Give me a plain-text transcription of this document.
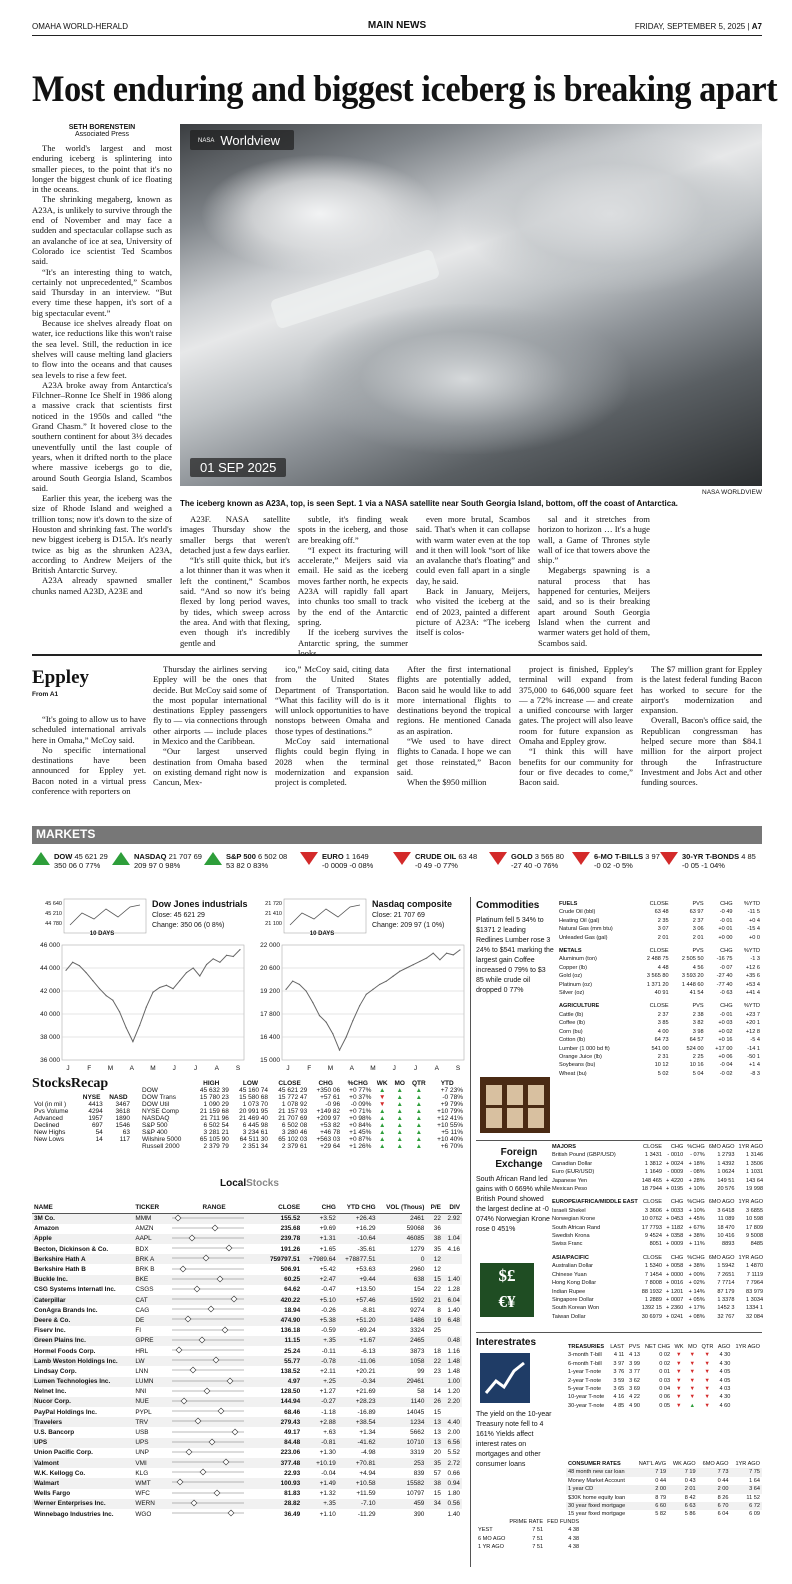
OMAHA WORLD-HERALD	MAIN NEWS	FRIDAY, SEPTEMBER 5, 2025 | A7
Most enduring and biggest iceberg is breaking apart
SETH BORENSTEIN
Associated Press

The world's largest and most enduring iceberg is splintering into smaller pieces, to the point that it's no longer the biggest chunk of ice floating in the oceans.

The shrinking megaberg, known as A23A, is unlikely to survive through the end of November and may face a sudden and spectacular collapse such as an avalanche of ice at sea, University of Colorado ice scientist Ted Scambos said.

“It's an interesting thing to watch, certainly not unprecedented,” Scambos said Thursday in an interview. “But every time these happen, it's sort of a big spectacular event.”

Because ice shelves already float on water, ice reductions like this won't raise the sea level. Still, the reduction in ice shelves will cause melting land glaciers to flow into the oceans and that causes sea levels to rise a few feet.

A23A broke away from Antarctica's Filchner–Ronne Ice Shelf in 1986 along a massive crack that scientists first noticed in the 1950s and called “the Grand Chasm.” It hovered close to the southern continent for about 3½ decades uneventfully until the last couple of years, when it drifted north to the place where massive icebergs go to die, around South Georgia Island, Scambos said.

Earlier this year, the iceberg was the size of Rhode Island and weighed a trillion tons; now it's down to the size of Houston and shrinking fast. The world's new biggest iceberg is D15A. It's nearly twice as big as the shrunken A23A, according to Andrew Meijers of the British Antarctic Survey.

A23A already spawned smaller chunks named A23D, A23E and

NASA Worldview
01 SEP 2025
NASA WORLDVIEW
The iceberg known as A23A, top, is seen Sept. 1 via a NASA satellite near South Georgia Island, bottom, off the coast of Antarctica.

A23F. NASA satellite images Thursday show the smaller bergs that weren't detached just a few days earlier.

“It's still quite thick, but it's a lot thinner than it was when it left the continent,” Scambos said. “And so now it's being flexed by long period waves, by tides, which sweep across the area. And with that flexing, even though it's incredibly gentle and

subtle, it's finding weak spots in the iceberg, and those are breaking off.”

“I expect its fracturing will accelerate,” Meijers said via email. He said as the iceberg moves farther north, he expects A23A will rapidly fall apart into chunks too small to track by the end of the Antarctic spring.

If the iceberg survives the Antarctic spring, the summer looks

even more brutal, Scambos said. That's when it can collapse with warm water even at the top and it then will look “sort of like an avalanche that's floating” and could even fall apart in a single day, he said.

Back in January, Meijers, who visited the iceberg at the end of 2023, painted a different picture of A23A: “The iceberg itself is colos-

sal and it stretches from horizon to horizon … It's a huge wall, a Game of Thrones style wall of ice that towers above the ship.”

Megabergs spawning is a natural process that has happened for centuries, Meijers said, and so is their breaking apart around South Georgia Island when the current and warmer waters get hold of them, Scambos said.

Eppley
From A1

“It's going to allow us to have scheduled international arrivals here in Omaha,” McCoy said.

No specific international destinations have been announced for Eppley yet. Bacon noted in a virtual press conference with reporters on

Thursday the airlines serving Eppley will be the ones that decide. But McCoy said some of the most popular international destinations Eppley passengers fly to — via connections through other airports — include places in Mexico and the Caribbean.

“Our largest unserved destination from Omaha based on existing demand right now is Cancun, Mex-

ico,” McCoy said, citing data from the United States Department of Transportation. “What this facility will do is it will unlock opportunities to have nonstops between Omaha and those types of destinations.”

McCoy said international flights could begin flying in 2028 when the terminal modernization and expansion project is completed.

After the first international flights are potentially added, Bacon said he would like to add more international flights to destinations beyond the tropical regions. He mentioned Canada as an aspiration.

“We used to have direct flights to Canada. I hope we can get those reinstated,” Bacon said.

When the $950 million

project is finished, Eppley's terminal will expand from 375,000 to 646,000 square feet — a 72% increase — and create a unified concourse with larger gates. The project will also leave room for future expansion as Omaha and Eppley grow.

“I think this will have benefits for our community for four or five decades to come,” Bacon said.

The $7 million grant for Eppley is the latest federal funding Bacon has worked to secure for the airport's modernization and expansion.

Overall, Bacon's office said, the Republican congressman has helped secure more than $84.1 million for the airport project through the Infrastructure Investment and Jobs Act and other funding sources.

MARKETS
DOW 45 621 29
350 06 0 77%
NASDAQ 21 707 69
209 97 0 98%
S&P 500 6 502 08
53 82 0 83%
EURO 1 1649
-0 0009 -0 08%
CRUDE OIL 63 48
-0 49 -0 77%
GOLD 3 565 80
-27 40 -0 76%
6-MO T-BILLS 3 97
-0 02 -0 5%
30-YR T-BONDS 4 85
-0 05 -1 04%
46 000
44 000
42 000
40 000
38 000
36 000
J	F	M	A	M	J	J	A	S
45 640
45 210
44 780
10 DAYS
Dow Jones industrials
Close: 45 621 29
Change: 350 06 (0 8%)
22 000
20 600
19 200
17 800
16 400
15 000
J	F	M	A	M	J	J	A	S
21 720
21 410
21 100
10 DAYS
Nasdaq composite
Close: 21 707 69
Change: 209 97 (1 0%)
StocksRecap
	NYSE	NASD
Vol (in mil )	4413	3467
Pvs Volume	4294	3618
Advanced	1957	1890
Declined	697	1546
New Highs	54	63
New Lows	14	117
	HIGH	LOW	CLOSE	CHG	%CHG	WK	MO	QTR	YTD
DOW	45 632 39	45 160 74	45 621 29	+350 06	+0 77%	▲	▲	▲	+7 23%
DOW Trans	15 780 23	15 580 68	15 772 47	+57 61	+0 37%	▼	▲	▲	-0 78%
DOW Util	1 090 29	1 073 70	1 078 92	-0 96	-0 09%	▼	▲	▲	+9 79%
NYSE Comp	21 159 68	20 991 95	21 157 93	+149 82	+0 71%	▲	▲	▲	+10 79%
NASDAQ	21 711 96	21 469 40	21 707 69	+209 97	+0 98%	▲	▲	▲	+12 41%
S&P 500	6 502 54	6 445 98	6 502 08	+53 82	+0 84%	▲	▲	▲	+10 55%
S&P 400	3 281 21	3 234 61	3 280 46	+46 78	+1 45%	▲	▲	▲	+5 11%
Wilshire 5000	65 105 90	64 511 30	65 102 03	+563 03	+0 87%	▲	▲	▲	+10 40%
Russell 2000	2 379 79	2 351 34	2 379 61	+29 64	+1 26%	▲	▲	▲	+6 70%
LocalStocks
NAME	TICKER	RANGE	CLOSE	CHG	YTD CHG	VOL (Thous)	P/E	DIV
3M Co.	MMM		155.52	+3.52	+26.43	2461	22	2.92
Amazon	AMZN		235.68	+9.69	+16.29	59068	36	
Apple	AAPL		239.78	+1.31	-10.64	46085	38	1.04
Becton, Dickinson & Co.	BDX		191.26	+1.65	-35.61	1279	35	4.16
Berkshire Hath A	BRK A		759797.51	+7989.64	+78877.51	0	12	
Berkshire Hath B	BRK B		506.91	+5.42	+53.63	2960	12	
Buckle Inc.	BKE		60.25	+2.47	+9.44	638	15	1.40
CSG Systems Internatl Inc.	CSGS		64.62	-0.47	+13.50	154	22	1.28
Caterpillar	CAT		420.22	+5.10	+57.46	1592	21	6.04
ConAgra Brands Inc.	CAG		18.94	-0.26	-8.81	9274	8	1.40
Deere & Co.	DE		474.90	+5.38	+51.20	1486	19	6.48
Fiserv Inc.	FI		136.18	-0.59	-69.24	3324	25	
Green Plains Inc.	GPRE		11.15	+.35	+1.67	2465		0.48
Hormel Foods Corp.	HRL		25.24	-0.11	-6.13	3873	18	1.16
Lamb Weston Holdings Inc.	LW		55.77	-0.78	-11.06	1058	22	1.48
Lindsay Corp.	LNN		138.52	+2.11	+20.21	99	23	1.48
Lumen Technologies Inc.	LUMN		4.97	+.25	-0.34	29461		1.00
Nelnet Inc.	NNI		128.50	+1.27	+21.69	58	14	1.20
Nucor Corp.	NUE		144.94	-0.27	+28.23	1140	26	2.20
PayPal Holdings Inc.	PYPL		68.46	-1.18	-16.89	14045	15	
Travelers	TRV		279.43	+2.88	+38.54	1234	13	4.40
U.S. Bancorp	USB		49.17	+.63	+1.34	5662	13	2.00
UPS	UPS		84.48	-0.81	-41.62	10710	13	6.56
Union Pacific Corp.	UNP		223.06	+1.30	-4.98	3319	20	5.52
Valmont	VMI		377.48	+10.19	+70.81	253	35	2.72
W.K. Kellogg Co.	KLG		22.93	-0.04	+4.94	839	57	0.66
Walmart	WMT		100.93	+1.49	+10.58	15582	38	0.94
Wells Fargo	WFC		81.83	+1.32	+11.59	10797	15	1.80
Werner Enterprises Inc.	WERN		28.82	+.35	-7.10	459	34	0.56
Winnebago Industries Inc.	WGO		36.49	+1.10	-11.29	390		1.40
Commodities
Platinum fell 5 34% to $1371 2 leading Redlines Lumber rose 3 24% to $541 marking the largest gain Coffee increased 0 79% to $3 85 while crude oil dropped 0 77%
FUELS	CLOSE	PVS	CHG	%YTD
Crude Oil (bbl)	63 48	63 97	-0 49	-11 5
Heating Oil (gal)	2 35	2 37	-0 01	+0 4
Natural Gas (mm btu)	3 07	3 06	+0 01	-15 4
Unleaded Gas (gal)	2 01	2 01	+0 00	+0 0

METALS	CLOSE	PVS	CHG	%YTD
Aluminum (ton)	2 488 75	2 505 50	-16 75	-1 3
Copper (lb)	4 48	4 56	-0 07	+12 6
Gold (oz)	3 565 80	3 593 20	-27 40	+35 6
Platinum (oz)	1 371 20	1 448 60	-77 40	+53 4
Silver (oz)	40 91	41 54	-0 63	+41 4

AGRICULTURE	CLOSE	PVS	CHG	%YTD
Cattle (lb)	2 37	2 38	-0 01	+23 7
Coffee (lb)	3 85	3 82	+0 03	+20 1
Corn (bu)	4 00	3 98	+0 02	+12 8
Cotton (lb)	64 73	64 57	+0 16	-5 4
Lumber (1 000 bd ft)	541 00	524 00	+17 00	-14 1
Orange Juice (lb)	2 31	2 25	+0 06	-50 1
Soybeans (bu)	10 12	10 16	-0 04	+1 4
Wheat (bu)	5 02	5 04	-0 02	-8 3

Foreign Exchange
South African Rand led gains with 0 669% while British Pound showed the largest decline at -0 074% Norwegian Krone rose 0 451%
$£
€¥
MAJORS	CLOSE	CHG	%CHG	6MO AGO	1YR AGO
British Pound (GBP/USD)	1 3431	- 0010	- 07%	1 2793	1 3146
Canadian Dollar	1 3812	+ 0024	+ 18%	1 4392	1 3506
Euro (EUR/USD)	1 1649	- 0009	- 08%	1 0624	1 1031
Japanese Yen	148 465	+ 4220	+ 28%	149 51	143 64
Mexican Peso	18 7944	+ 0195	+ 10%	20 576	19 998

EUROPE/AFRICA/MIDDLE EAST	CLOSE	CHG	%CHG	6MO AGO	1YR AGO
Israeli Shekel	3 3606	+ 0033	+ 10%	3 6418	3 6855
Norwegian Krone	10 0762	+ 0453	+ 45%	11 089	10 598
South African Rand	17 7793	+ 1182	+ 67%	18 470	17 809
Swedish Krona	9 4524	+ 0358	+ 38%	10 416	9 5008
Swiss Franc	8051	+ 0009	+ 11%	8893	8485

ASIA/PACIFIC	CLOSE	CHG	%CHG	6MO AGO	1YR AGO
Australian Dollar	1 5340	+ 0058	+ 38%	1 5942	1 4870
Chinese Yuan	7 1454	+ 0000	+ 00%	7 2651	7 1119
Hong Kong Dollar	7 8008	+ 0016	+ 02%	7 7714	7 7964
Indian Rupee	88 1932	+ 1201	+ 14%	87 179	83 979
Singapore Dollar	1 2889	+ 0007	+ 05%	1 3378	1 3034
South Korean Won	1392 15	+ 2360	+ 17%	1452 3	1334 1
Taiwan Dollar	30 6979	+ 0241	+ 08%	32 767	32 084

Interestrates
The yield on the 10-year Treasury note fell to 4 161% Yields affect interest rates on mortgages and other consumer loans
	PRIME RATE	FED FUNDS
YEST	7 51	4 38
6 MO AGO	7 51	4 38
1 YR AGO	7 51	4 38
TREASURIES	LAST	PVS	NET CHG	WK	MO	QTR	AGO	1YR AGO
3-month T-bill	4 11	4 13	0 02	▼	▼	▼	4 30	
6-month T-bill	3 97	3 99	0 02	▼	▼	▼	4 30	
1-year T-note	3 76	3 77	0 01	▼	▼	▼	4 05	
2-year T-note	3 59	3 62	0 03	▼	▼	▼	4 05	
5-year T-note	3 65	3 69	0 04	▼	▼	▼	4 03	
10-year T-note	4 16	4 22	0 06	▼	▼	▼	4 30	
30-year T-note	4 85	4 90	0 05	▼	▲	▼	4 60	
CONSUMER RATES	NAT'L AVG	WK AGO	6MO AGO	1YR AGO
48 month new car loan	7 19	7 19	7 73	7 75
Money Market Account	0 44	0 43	0 44	1 64
1 year CD	2 00	2 01	2 00	3 64
$30K home equity loan	8 79	8 42	8 26	11 52
30 year fixed mortgage	6 60	6 63	6 70	6 72
15 year fixed mortgage	5 82	5 86	6 04	6 09
